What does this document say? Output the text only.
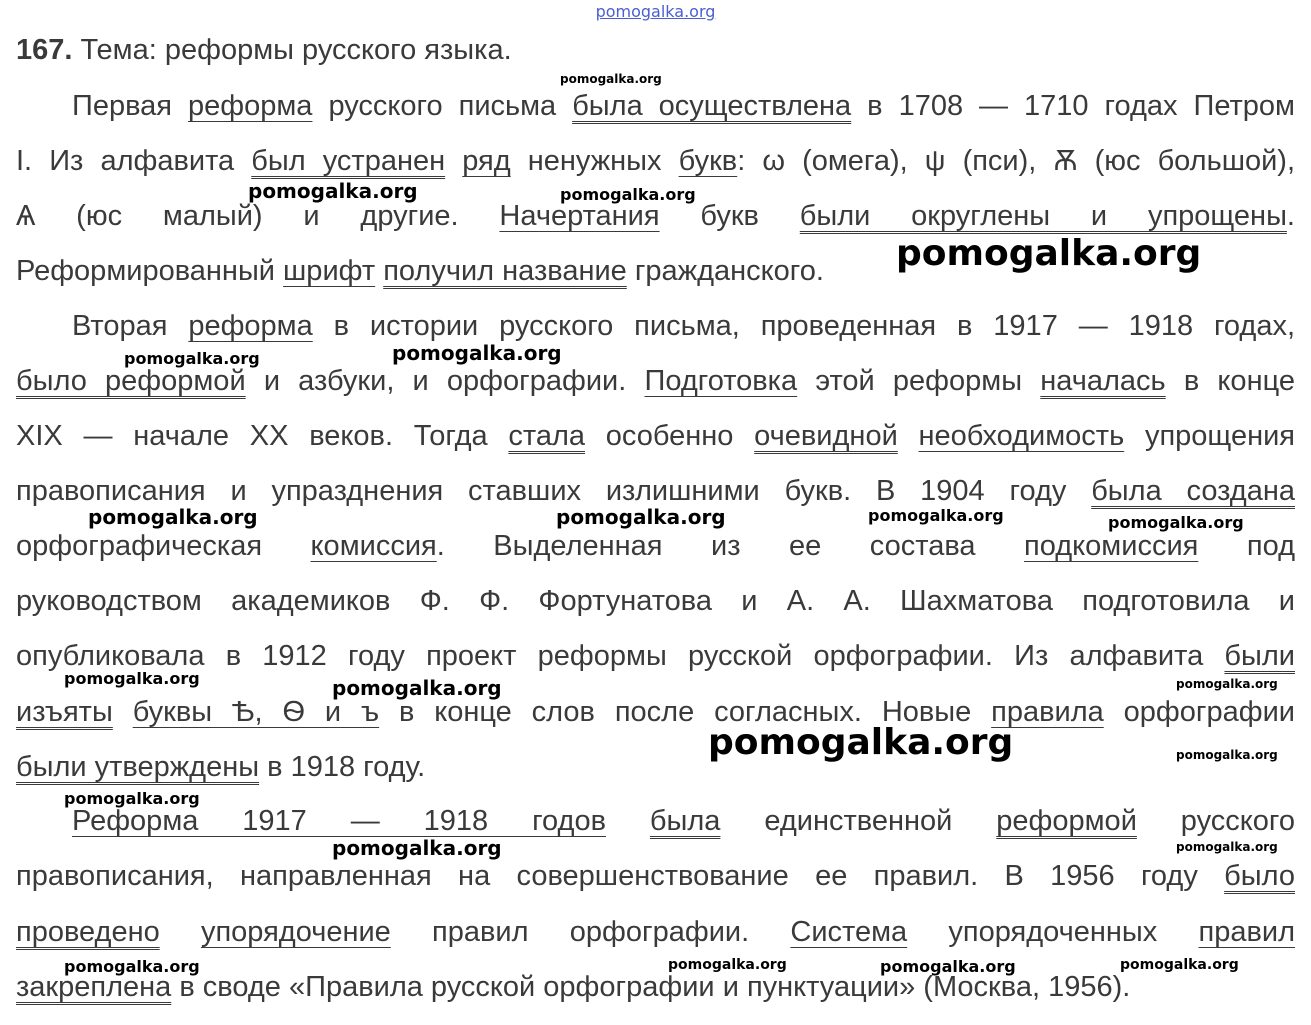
pomogalka.org
167. Тема: реформы русского языка.
Первая реформа русского письма была осуществлена в 1708 — 1710 годах Петром
I. Из алфавита был устранен ряд ненужных букв: ω (омега), ψ (пси), Ѫ (юс большой),
Ѧ (юс малый) и другие. Начертания букв были округлены и упрощены.
Реформированный шрифт получил название гражданского.
Вторая реформа в истории русского письма, проведенная в 1917 — 1918 годах,
было реформой и азбуки, и орфографии. Подготовка этой реформы началась в конце
XIX — начале XX веков. Тогда стала особенно очевидной необходимость упрощения
правописания и упразднения ставших излишними букв. В 1904 году была создана
орфографическая комиссия. Выделенная из ее состава подкомиссия под
руководством академиков Ф. Ф. Фортунатова и А. А. Шахматова подготовила и
опубликовала в 1912 году проект реформы русской орфографии. Из алфавита были
изъяты буквы Ѣ, Ѳ и ъ в конце слов после согласных. Новые правила орфографии
были утверждены в 1918 году.
Реформа 1917 — 1918 годов была единственной реформой русского
правописания, направленная на совершенствование ее правил. В 1956 году было
проведено упорядочение правил орфографии. Система упорядоченных правил
закреплена в своде «Правила русской орфографии и пунктуации» (Москва, 1956).
pomogalka.org
pomogalka.org	pomogalka.org
pomogalka.org
pomogalka.org	pomogalka.org
pomogalka.org	pomogalka.org	pomogalka.org	pomogalka.org
pomogalka.org	pomogalka.org	pomogalka.org
pomogalka.org	pomogalka.org
pomogalka.org
pomogalka.org	pomogalka.org
pomogalka.org	pomogalka.org	pomogalka.org	pomogalka.org
